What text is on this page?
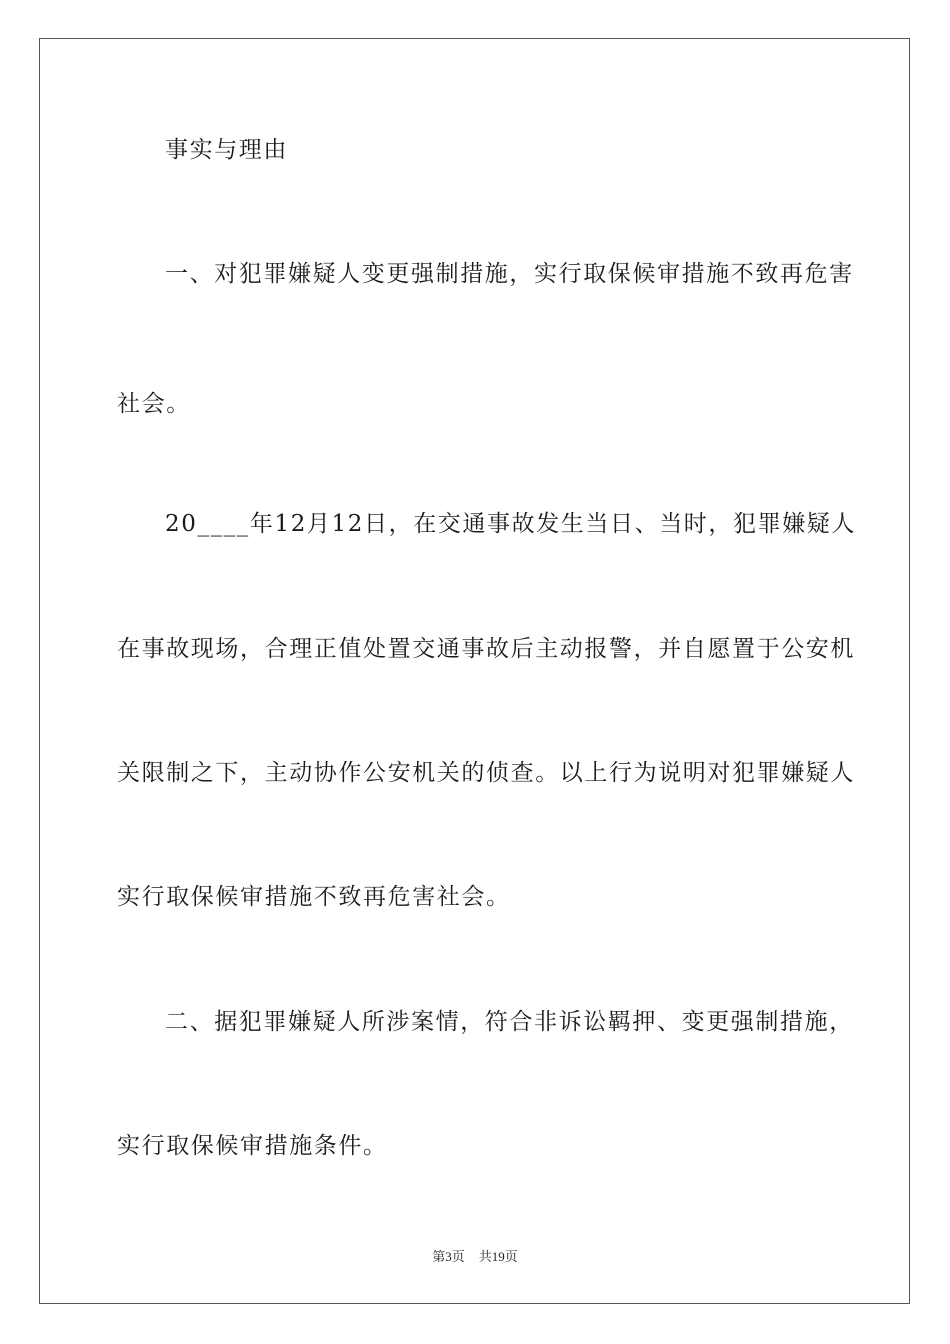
事实与理由
一、对犯罪嫌疑人变更强制措施，实行取保候审措施不致再危害
社会。
20____年12月12日，在交通事故发生当日、当时，犯罪嫌疑人
在事故现场，合理正值处置交通事故后主动报警，并自愿置于公安机
关限制之下，主动协作公安机关的侦查。以上行为说明对犯罪嫌疑人
实行取保候审措施不致再危害社会。
二、据犯罪嫌疑人所涉案情，符合非诉讼羁押、变更强制措施，
实行取保候审措施条件。
第3页 共19页
